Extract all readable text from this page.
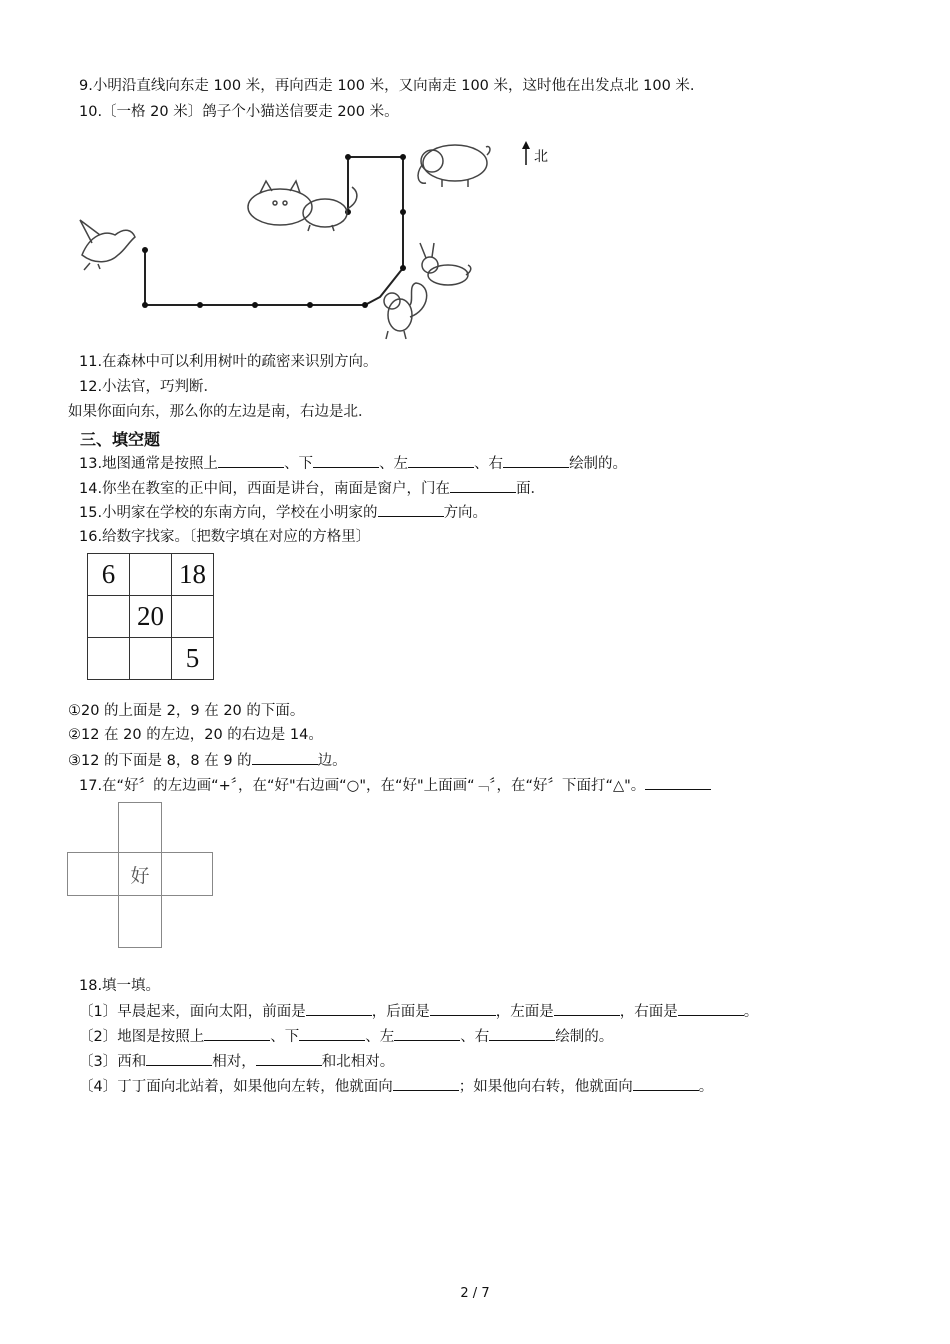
9.小明沿直线向东走 100 米，再向西走 100 米，又向南走 100 米，这时他在出发点北 100 米.
10.〔一格 20 米〕鸽子个小猫送信要走 200 米。
北
11.在森林中可以利用树叶的疏密来识别方向。
12.小法官，巧判断．
如果你面向东，那么你的左边是南，右边是北．
三、填空题
13.地图通常是按照上	、下	、左	、右	绘制的。
14.你坐在教室的正中间，西面是讲台，南面是窗户，门在	面．
15.小明家在学校的东南方向，学校在小明家的	方向。
16.给数字找家。〔把数字填在对应的方格里〕
6		18
	20	
		5
①20 的上面是 2，9 在 20 的下面。
②12 在 20 的左边，20 的右边是 14。
③12 的下面是 8，8 在 9 的	边。
17.在“好〞的左边画“+〞，在“好"右边画“○"，在“好"上面画“﹁〞，在“好〞下面打“△"。
好
18.填一填。
〔1〕早晨起来，面向太阳，前面是	，后面是	，左面是	，右面是	。
〔2〕地图是按照上	、下	、左	、右	绘制的。
〔3〕西和	相对，	和北相对。
〔4〕丁丁面向北站着，如果他向左转，他就面向	；如果他向右转，他就面向	。
2 / 7
